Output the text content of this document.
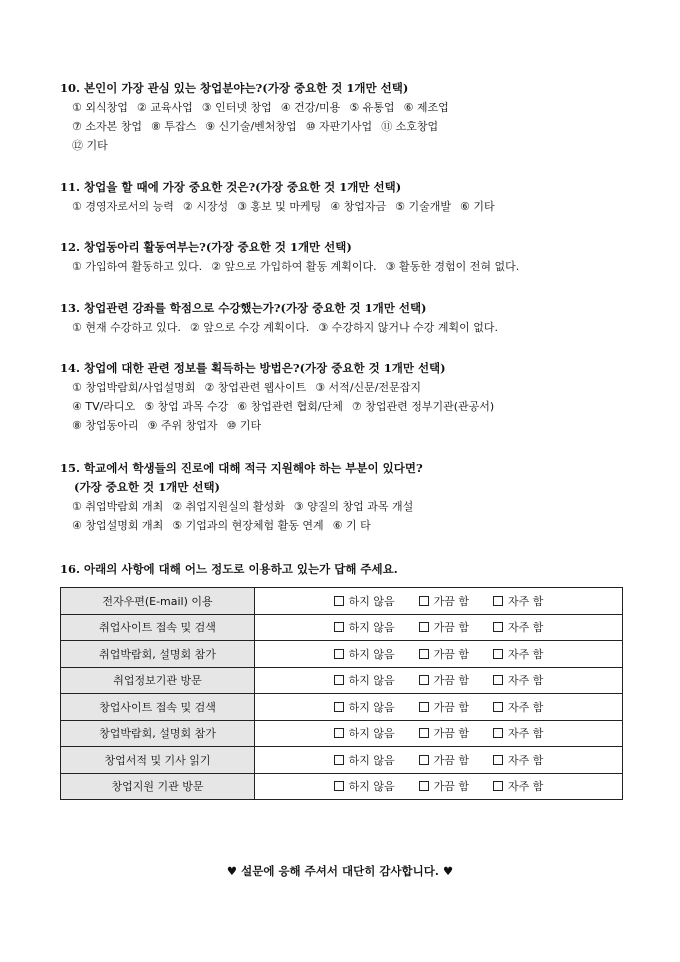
10. 본인이 가장 관심 있는 창업분야는?(가장 중요한 것 1개만 선택)
① 외식창업 ② 교육사업 ③ 인터넷 창업 ④ 건강/미용 ⑤ 유통업 ⑥ 제조업
⑦ 소자본 창업 ⑧ 투잡스 ⑨ 신기술/벤처창업 ⑩ 자판기사업 ⑪ 소호창업
⑫ 기타
11. 창업을 할 때에 가장 중요한 것은?(가장 중요한 것 1개만 선택)
① 경영자로서의 능력 ② 시장성 ③ 홍보 및 마케팅 ④ 창업자금 ⑤ 기술개발 ⑥ 기타
12. 창업동아리 활동여부는?(가장 중요한 것 1개만 선택)
① 가입하여 활동하고 있다. ② 앞으로 가입하여 활동 계획이다. ③ 활동한 경험이 전혀 없다.
13. 창업관련 강좌를 학점으로 수강했는가?(가장 중요한 것 1개만 선택)
① 현재 수강하고 있다. ② 앞으로 수강 계획이다. ③ 수강하지 않거나 수강 계획이 없다.
14. 창업에 대한 관련 정보를 획득하는 방법은?(가장 중요한 것 1개만 선택)
① 창업박람회/사업설명회 ② 창업관련 웹사이트 ③ 서적/신문/전문잡지
④ TV/라디오 ⑤ 창업 과목 수강 ⑥ 창업관련 협회/단체 ⑦ 창업관련 정부기관(관공서)
⑧ 창업동아리 ⑨ 주위 창업자 ⑩ 기타
15. 학교에서 학생들의 진로에 대해 적극 지원해야 하는 부분이 있다면?
(가장 중요한 것 1개만 선택)
① 취업박람회 개최 ② 취업지원실의 활성화 ③ 양질의 창업 과목 개설
④ 창업설명회 개최 ⑤ 기업과의 현장체험 활동 연계 ⑥ 기 타
16. 아래의 사항에 대해 어느 정도로 이용하고 있는가 답해 주세요.
전자우편(E-mail) 이용	하지 않음 가끔 함 자주 함
취업사이트 접속 및 검색	하지 않음 가끔 함 자주 함
취업박람회, 설명회 참가	하지 않음 가끔 함 자주 함
취업정보기관 방문	하지 않음 가끔 함 자주 함
창업사이트 접속 및 검색	하지 않음 가끔 함 자주 함
창업박람회, 설명회 참가	하지 않음 가끔 함 자주 함
창업서적 및 기사 읽기	하지 않음 가끔 함 자주 함
창업지원 기관 방문	하지 않음 가끔 함 자주 함
♥ 설문에 응해 주셔서 대단히 감사합니다. ♥
